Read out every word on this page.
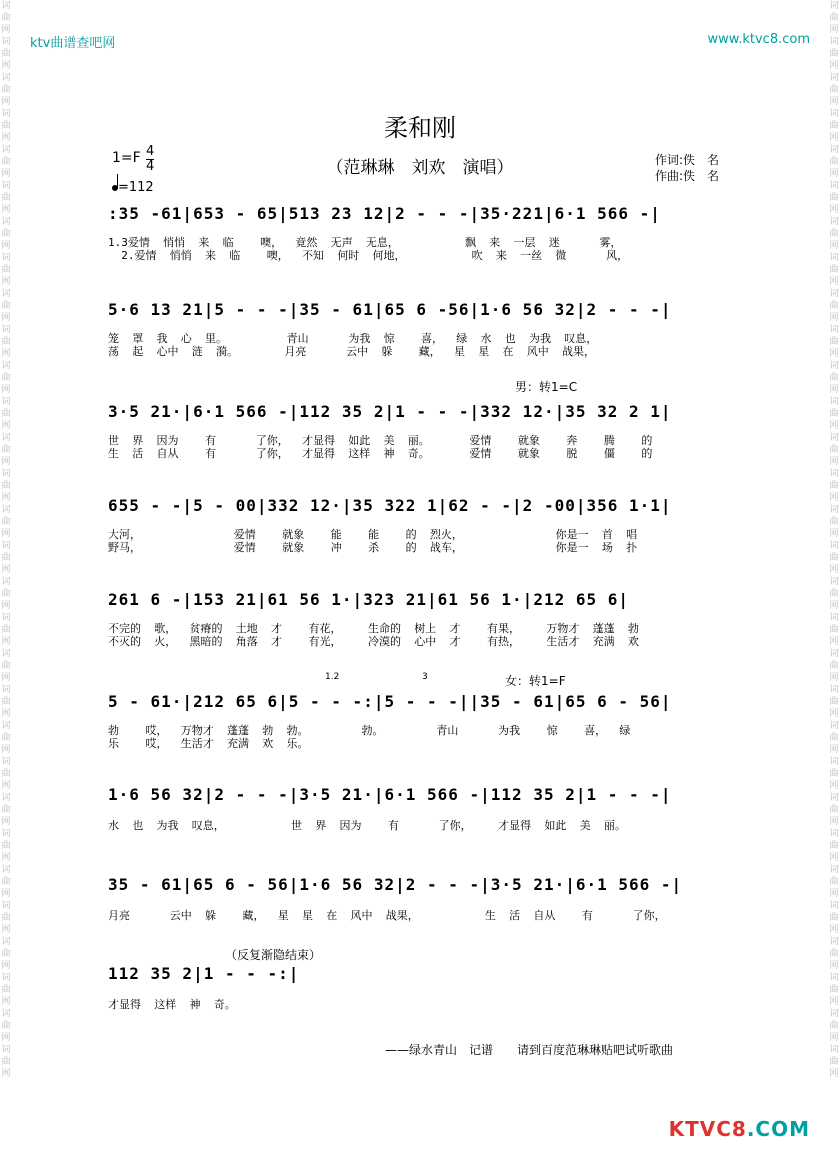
词曲网词曲网词曲网词曲网词曲网词曲网词曲网词曲网词曲网词曲网词曲网词曲网词曲网词曲网词曲网词曲网词曲网词曲网词曲网词曲网词曲网词曲网词曲网词曲网词曲网词曲网词曲网词曲网词曲网词曲网
词曲网词曲网词曲网词曲网词曲网词曲网词曲网词曲网词曲网词曲网词曲网词曲网词曲网词曲网词曲网词曲网词曲网词曲网词曲网词曲网词曲网词曲网词曲网词曲网词曲网词曲网词曲网词曲网词曲网词曲网
ktv曲谱查吧网	www.ktvc8.com
柔和刚
1=F 4
4
=112
（范琳琳　刘欢　演唱）	作词:佚　名
作曲:佚　名
:35 -61|653 - 65|513 23 12|2 - - -|35·221|6·1 566 -|
1.3爱情  悄悄  来  临    噢，  竟然  无声  无息，          飘  来  一层  迷      雾，
2.爱情  悄悄  来  临    噢，  不知  何时  何地，          吹  来  一丝  微      风，
5·6 13 21|5 - - -|35 - 61|65 6 -56|1·6 56 32|2 - - -|
笼  罩  我  心  里。         青山      为我  惊    喜，  绿  水  也  为我  叹息，
荡  起  心中  涟  漪。       月亮      云中  躲    藏，  星  星  在  风中  战果，
男：转1=C
3·5 21·|6·1 566 -|112 35 2|1 - - -|332 12·|35 32 2 1|
世  界  因为    有      了你，  才显得  如此  美  丽。      爱情    就象    奔    腾    的
生  活  自从    有      了你，  才显得  这样  神  奇。      爱情    就象    脱    僵    的
655 - -|5 - 00|332 12·|35 322 1|62 - -|2 -00|356 1·1|
大河，              爱情    就象    能    能    的  烈火，              你是一  首  唱
野马，              爱情    就象    冲    杀    的  战车，              你是一  场  扑
261 6 -|153 21|61 56 1·|323 21|61 56 1·|212 65 6|
不完的  歌，  贫瘠的  土地  才    有花，    生命的  树上  才    有果，    万物才  蓬蓬  勃
不灭的  火，  黑暗的  角落  才    有光，    冷漠的  心中  才    有热，    生活才  充满  欢
1.2	3	女：转1=F
5 - 61·|212 65 6|5 - - -:|5 - - -||35 - 61|65 6 - 56|
勃    哎，  万物才  蓬蓬  勃  勃。        勃。        青山      为我    惊    喜，  绿
乐    哎，  生活才  充满  欢  乐。
1·6 56 32|2 - - -|3·5 21·|6·1 566 -|112 35 2|1 - - -|
水  也  为我  叹息，          世  界  因为    有      了你，    才显得  如此  美  丽。
35 - 61|65 6 - 56|1·6 56 32|2 - - -|3·5 21·|6·1 566 -|
月亮      云中  躲    藏，  星  星  在  风中  战果，          生  活  自从    有      了你，
（反复渐隐结束）
112 35 2|1 - - -:|
才显得  这样  神  奇。
——绿水青山　记谱　　请到百度范琳琳贴吧试听歌曲
KTVC8.COM
